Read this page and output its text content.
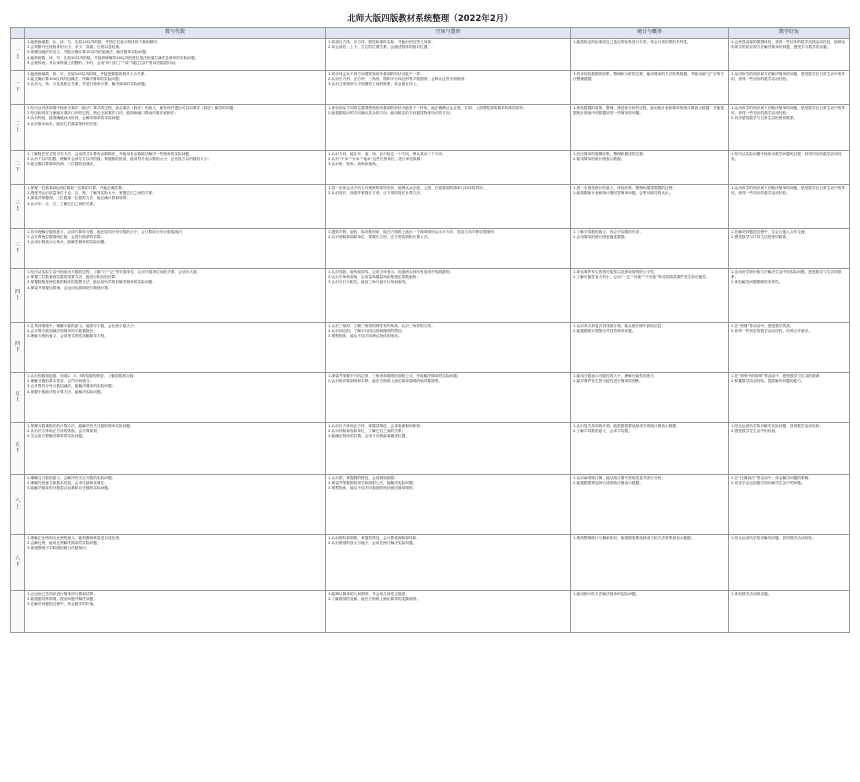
北师大版四版教材系统整理（2022年2月）
	数与代数	空间与图形	统计与概率	数学好玩
一上	1.能熟练地数、认、读、写、比较10以内的数，并指它们表示物体的个数和顺序；
2.会判断并比较物体的大小、多少、高矮、长短以及轻重；
3.掌握加减法的含义，并能正确计算10以内的加减法，解决简单实际问题；
4.能熟练数、读、写、比较20以内的数，并能熟练解决20以内的进位加法和退位减法及简单的实际问题；
5.会看钟表，并认读钟面上的整时、半时，会用“时几时了”“成”“刚过几时”等词语描述时间。	1.知道长方体、正方体、圆柱和球的名称，并能识别这些几何体；
2.体会前后、上下、左右的位置关系，会描述物体的相对位置。	1.能按给定的标准或自己选定的标准进行分类，体会分类结果的多样性。	1.会获得直接的情感体验，获得一些初步的数学实践活动经验，能够运用所学的知识和方法解决简单的问题，感受学习数学的乐趣。

一下	1.能熟练地数、读、写、比较100以内的数，并能把握数的相对大小关系；
2.能正确计算100以内的加减法，并解决简单的实际问题；
3.认识元、角、分及其相互关系，并进行简单计算，解决简单的实际问题。	1.初步体会从不同方向观察物体所看到的形状可能不一样；
2.认识长方形、正方形、三角形、圆和平行四边形等平面图形，会辨认这些平面图形；
3.认识立体图形与平面图形之间的联系，体会面在体上。	1.初步体验数据的收集、整理和分析的过程，能用简单的方法收集数据，并能用画“正”字等方法整理数据。	1.运用所学的知识和方法解决简单的问题，感受数学在日常生活中的作用，获得一些初步的数学活动经验。

二上	1.经历从具体情境中抽象出乘法（除法）算式的过程，体会乘法（除法）的意义，能发现并提出可以用乘法（除法）解决的问题；
2.经历和同伴交流编写乘法口诀的过程，熟记全部乘法口诀，能熟练地口算表内乘法和除法；
3.认识钟表，能准确地读出时间，会解决简单的实际问题；
4.认识厘米和米，能用它们测量物体的长度。	1.体验到从不同的位置观察物体所看到的形状可能是不一样的，能正确辨认从正面、右面、上面观察到的简单物体的形状；
2.能根据给出的方向确认其余的方向，能用给定的方向描述物体所在的方向。	1.体验数据的收集、整理、描述和分析的过程，能用统计表和简单的统计图表示数据，并能根据统计图表中的数据回答一些简单的问题。	1.运用所学的知识和方法解决简单的问题，感受数学在日常生活中的作用，获得一些初步的数学活动经验；
2.初步感受数学与日常生活的密切联系。

二下	1.了解除法竖式的书写方法，会用竖式计算有余数除法，并能用有余数除法解决一些简单的实际问题；
2.认识千以内的数，理解并会读写万以内的数，掌握数的组成，能用符号表示数的大小，会比较万以内数的大小；
3.能正确口算简单的两、三位数的加减法。	1.认识方向，能在东、南、西、北中给定一个方向，辨认其余三个方向；
2.认识“千米”“分米”“毫米”这些长度单位，进行单位换算；
3.认识角、锐角、直角和钝角。	1.经历简单的数据收集、整理和描述的过程；
2.能用简单的统计图表示数据。	1.经历从实际问题中抽象出数学问题的过程，获得初步的数学活动经验。

三上	1.掌握一位数乘(除)两位数和三位数的计算，并能正确估算；
2.感受并认识质量单位千克、克、吨，了解其实际大小，掌握它们之间的关系；
3.探索并掌握两、三位数乘一位数的方法，能正确计算和验算；
4.认识年、月、日，了解它们之间的关系。	1.进一步体会从不同方向观察物体的形状，能辨认从正面、上面、右面看到的简单几何体的形状；
2.认识周长，探索并掌握长方形、正方形的周长计算方法。	1.进一步感受统计的意义，体验收集、整理和描述数据的过程；
2.能根据统计表和统计图回答简单问题，会等可能性的认识。	1.运用所学的知识和方法解决简单的问题，感受数学在日常生活中的作用，获得一些初步的数学活动经验。

三下	1.初步理解分数的意义，会读写简单分数，能比较同分母分数的大小，会计算同分母分数加减法；
2.会计算两位数乘两位数，会进行简单的估算；
3.会用小数表示元角分，能解决简单的实际问题。	1.感知平移、旋转、轴对称现象，能在方格纸上画出一个简单图形沿水平方向、竖直方向平移后的图形；
2.认识面积和面积单位，掌握长方形、正方形的面积计算公式。	1.了解平均数的意义，体会平均数的作用；
2.会用简单的统计图表描述数据。	1.在解决问题的过程中，学会与他人合作交流；
2.感受数学与日常生活的密切联系。

四上	1.经历从实际生活中抽象出大数的过程，了解“万”“亿”等计数单位，认识计数单位间的关系，会读写大数；
2.掌握三位数乘两位数的笔算方法，能进行相应的估算；
3.掌握除数是两位数的除法的笔算方法，能运用所学知识解决简单的实际问题；
4.探索并掌握运算律，会运用运算律进行简便计算。	1.认识线段、射线和直线，会用字母表示，知道两点间所有连线中线段最短；
2.认识平角和周角，会用量角器量角和按指定度数画角；
3.认识平行与相交，能用三角尺画平行线和垂线。	1.体验事件发生的等可能性以及游戏规则的公平性；
2.了解可能性有大有小，会用“一定”“可能”“不可能”等词语描述事件发生的可能性。	1.运用所学知识和方法解决生活中的实际问题，感受数学与生活的联系；
2.体验解决问题策略的多样性。

四下	1.在具体情境中，理解小数的意义，能读写小数，会比较小数大小；
2.会计算小数加减法和简单的小数乘除法；
3.理解方程的意义，会用等式的性质解简单方程。	1.认识三角形，了解三角形的特性和内角和，认识三角形的分类；
2.认识四边形，了解平行四边形和梯形的特征；
3.观察物体，能从不同方向辨认物体的形状。	1.认识单式和复式折线统计图，能从统计图中获取信息；
2.能根据统计图提出并回答简单问题。	1.在“密铺”等活动中，感受数学的美；
2.获得一些初步的数学活动经验，培养合作意识。

五上	1.认识因数和倍数，知道2、3、5的倍数的特征，了解质数和合数；
2.理解分数的基本性质，会约分和通分；
3.会计算异分母分数加减法，能解决简单的实际问题；
4.掌握小数除法的计算方法，能解决实际问题。	1.探索并掌握平行四边形、三角形和梯形的面积公式，并能解决简单的实际问题；
2.认识轴对称图形和平移，能在方格纸上画出简单图形的轴对称图形。	1.能用分数表示可能性的大小，理解可能性的意义；
2.能对事件发生的可能性进行简单的判断。	1.在“图形中的规律”等活动中，感受数学与生活的联系；
2.积累数学活动经验，提高解决问题的能力。

五下	1.掌握分数乘除法的计算方法，能解决有关分数的简单实际问题；
2.认识长方体和正方体的体积，会计算体积；
3.学会用方程解决简单的实际问题。	1.认识长方体和正方体，掌握其特征，会求表面积和体积；
2.认识体积和容积单位，了解它们之间的关系；
3.能确定物体的位置，会用方向和距离描述位置。	1.认识复式条形统计图，能根据需要选择适当的统计图表示数据；
2.了解平均数的意义，会求平均数。	1.综合运用所学知识解决实际问题，获得数学活动经验；
2.感受数学在生活中的价值。

六上	1.理解百分数的意义，会解决有关百分数的实际问题；
2.理解比的意义和基本性质，会求比值和化简比；
3.能解决简单的分数混合运算和百分数的实际问题。	1.认识圆，掌握圆的特征，会用圆规画圆；
2.探索并掌握圆的周长和面积公式，能解决实际问题；
3.观察物体，能从不同方向看到的形状画出简单图形。	1.认识扇形统计图，能从统计图中获取信息并进行分析；
2.能根据需要选择合适的统计图表示数据。	1.在“比赛场次”等活动中，体会解决问题的策略；
2.初步学会运用数学知识解决生活中的问题。

六下	1.理解正比例和反比例的意义，能判断两种量是否成比例；
2.会解比例，能用比例解决简单的实际问题；
3.系统整理小学阶段的数与代数知识。	1.认识圆柱和圆锥，掌握其特征，会计算表面积和体积；
2.认识图形的放大与缩小，会用比例尺解决实际问题。	1.系统整理统计与概率知识，能根据需要选择适当的方法收集和表示数据。	1.综合运用所学知识解决问题，获得数学活动经验。

	1.会运用已学知识进行简单的计算和估算；
2.能根据具体情境，提出问题并解决问题；
3.在解决问题的过程中，体会数学的价值。	1.能辨认简单的几何图形，并会用几何语言描述；
2.了解图形的变换，能在方格纸上画出简单的变换图形。	1.能用统计的方法解决简单的实际问题。	1.体验数学活动的乐趣。
